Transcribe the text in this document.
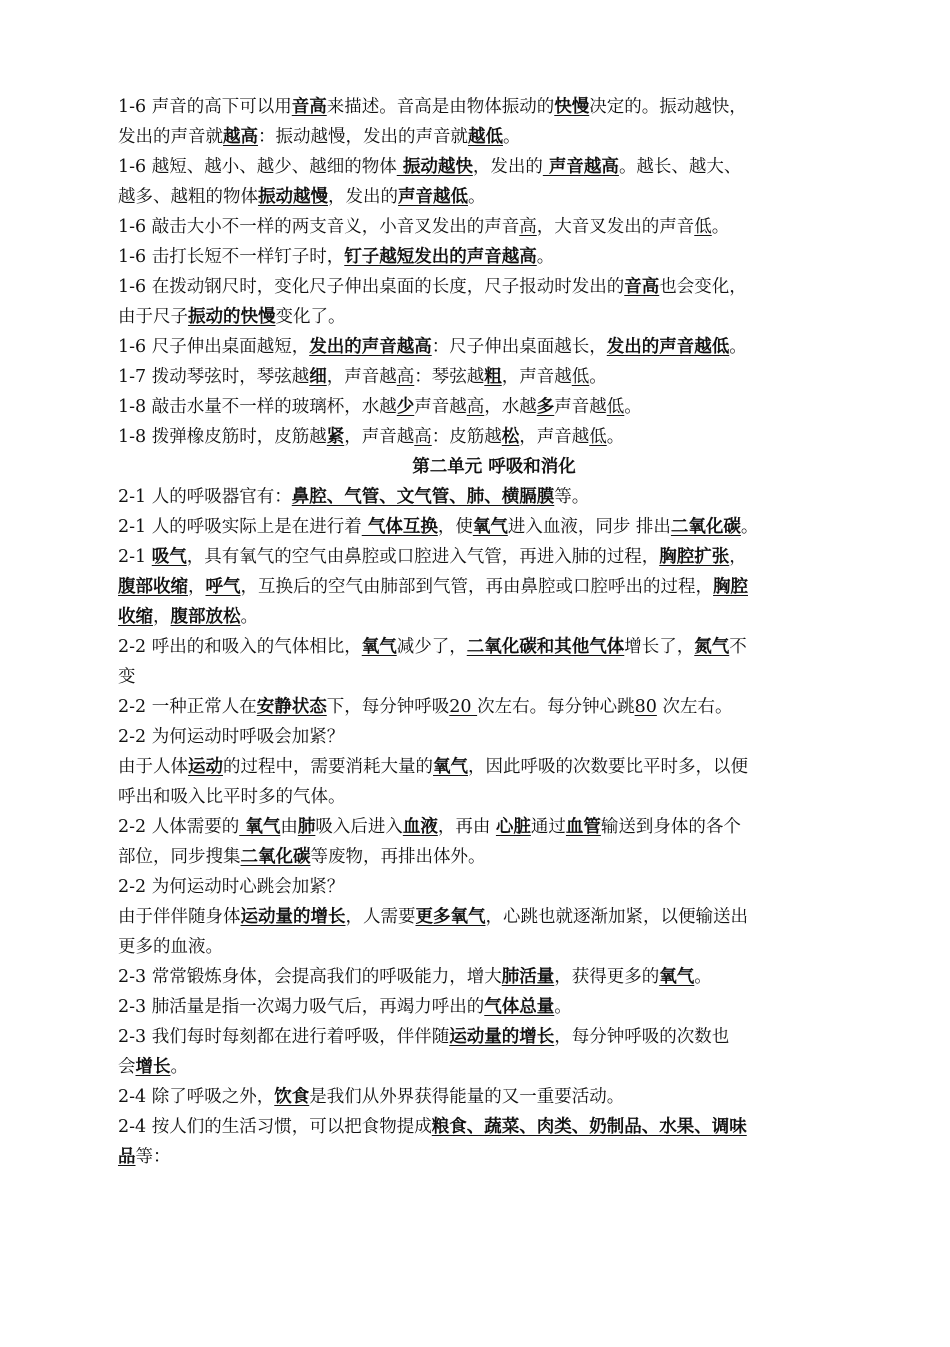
1-6 声音的高下可以用音高来描述。音高是由物体振动的快慢决定的。振动越快，
发出的声音就越高：振动越慢，发出的声音就越低。
1-6 越短、越小、越少、越细的物体 振动越快，发出的 声音越高。越长、越大、
越多、越粗的物体振动越慢，发出的声音越低。
1-6 敲击大小不一样的两支音义，小音叉发出的声音高，大音叉发出的声音低。
1-6 击打长短不一样钉子时，钉子越短发出的声音越高。
1-6 在拨动钢尺时，变化尺子伸出桌面的长度，尺子报动时发出的音高也会变化，
由于尺子振动的快慢变化了。
1-6 尺子伸出桌面越短，发出的声音越高：尺子伸出桌面越长，发出的声音越低。
1-7 拨动琴弦时，琴弦越细，声音越高：琴弦越粗，声音越低。
1-8 敲击水量不一样的玻璃杯，水越少声音越高，水越多声音越低。
1-8 拨弹橡皮筋时，皮筋越紧，声音越高：皮筋越松，声音越低。
第二单元 呼吸和消化
2-1 人的呼吸器官有：鼻腔、气管、文气管、肺、横膈膜等。
2-1 人的呼吸实际上是在进行着 气体互换，使氧气进入血液，同步 排出二氧化碳。
2-1 吸气，具有氧气的空气由鼻腔或口腔进入气管，再进入肺的过程，胸腔扩张，
腹部收缩，呼气，互换后的空气由肺部到气管，再由鼻腔或口腔呼出的过程，胸腔
收缩，腹部放松。
2-2 呼出的和吸入的气体相比，氧气减少了，二氧化碳和其他气体增长了，氮气不
变
2-2 一种正常人在安静状态下，每分钟呼吸20 次左右。每分钟心跳80 次左右。
2-2 为何运动时呼吸会加紧？
由于人体运动的过程中，需要消耗大量的氧气，因此呼吸的次数要比平时多，以便
呼出和吸入比平时多的气体。
2-2 人体需要的 氧气由肺吸入后进入血液，再由 心脏通过血管输送到身体的各个
部位，同步搜集二氧化碳等废物，再排出体外。
2-2 为何运动时心跳会加紧？
由于伴伴随身体运动量的增长，人需要更多氧气，心跳也就逐渐加紧，以便输送出
更多的血液。
2-3 常常锻炼身体，会提高我们的呼吸能力，增大肺活量，获得更多的氧气。
2-3 肺活量是指一次竭力吸气后，再竭力呼出的气体总量。
2-3 我们每时每刻都在进行着呼吸，伴伴随运动量的增长，每分钟呼吸的次数也
会增长。
2-4 除了呼吸之外，饮食是我们从外界获得能量的又一重要活动。
2-4 按人们的生活习惯，可以把食物提成粮食、蔬菜、肉类、奶制品、水果、调味
品等：
